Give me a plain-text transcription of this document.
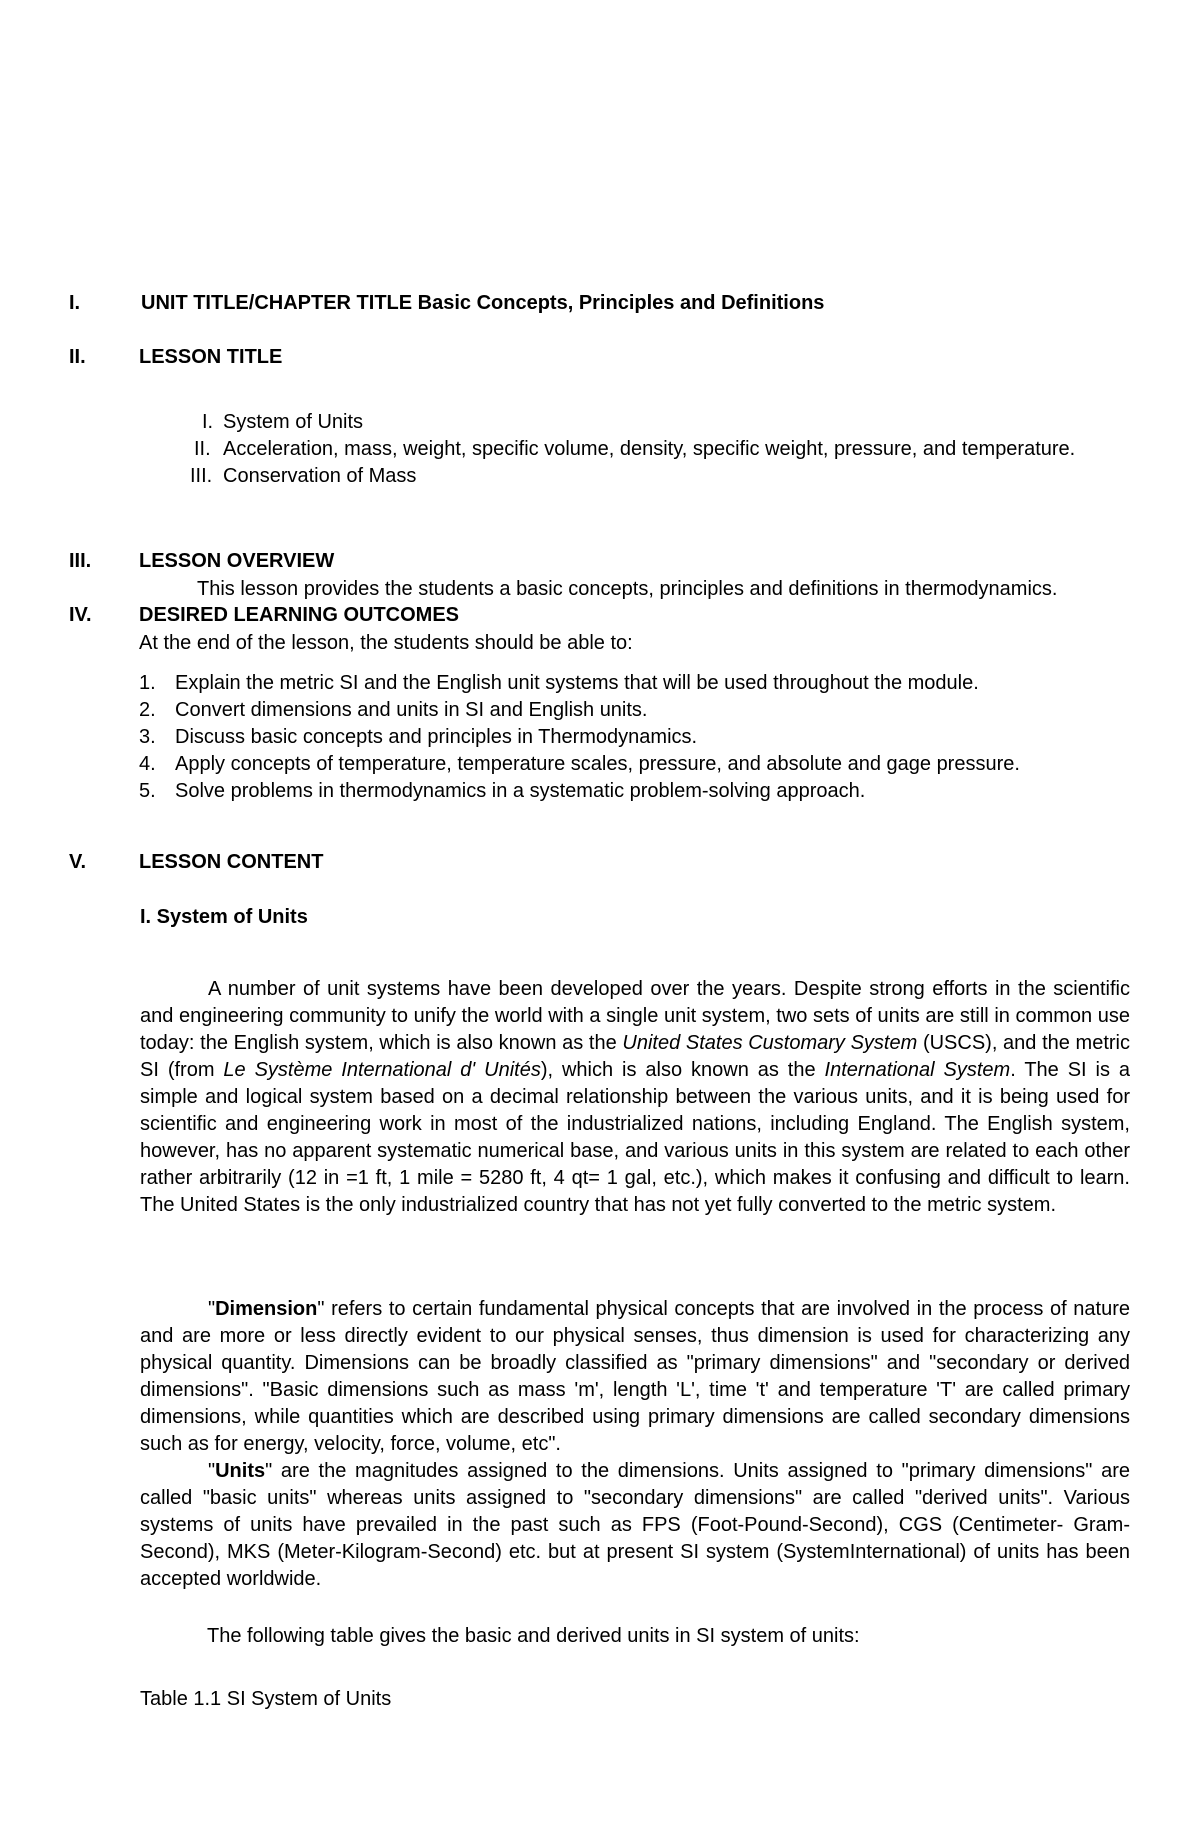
I.	UNIT TITLE/CHAPTER TITLE Basic Concepts, Principles and Definitions
II.	LESSON TITLE
I. System of Units
II. Acceleration, mass, weight, specific volume, density, specific weight, pressure, and temperature.
III. Conservation of Mass
III. LESSON OVERVIEW

This lesson provides the students a basic concepts, principles and definitions in thermodynamics.

IV. DESIRED LEARNING OUTCOMES

At the end of the lesson, the students should be able to:

1. Explain the metric SI and the English unit systems that will be used throughout the module.
2. Convert dimensions and units in SI and English units.
3. Discuss basic concepts and principles in Thermodynamics.
4. Apply concepts of temperature, temperature scales, pressure, and absolute and gage pressure.
5. Solve problems in thermodynamics in a systematic problem-solving approach.
V.	LESSON CONTENT
I. System of Units

A number of unit systems have been developed over the years. Despite strong efforts in the scientific and engineering community to unify the world with a single unit system, two sets of units are still in common use today: the English system, which is also known as the United States Customary System (USCS), and the metric SI (from Le Système International d' Unités), which is also known as the International System. The SI is a simple and logical system based on a decimal relationship between the various units, and it is being used for scientific and engineering work in most of the industrialized nations, including England. The English system, however, has no apparent systematic numerical base, and various units in this system are related to each other rather arbitrarily (12 in =1 ft, 1 mile = 5280 ft, 4 qt= 1 gal, etc.), which makes it confusing and difficult to learn. The United States is the only industrialized country that has not yet fully converted to the metric system.

"Dimension" refers to certain fundamental physical concepts that are involved in the process of nature and are more or less directly evident to our physical senses, thus dimension is used for characterizing any physical quantity. Dimensions can be broadly classified as "primary dimensions" and "secondary or derived dimensions". "Basic dimensions such as mass 'm', length 'L', time 't' and temperature 'T' are called primary dimensions, while quantities which are described using primary dimensions are called secondary dimensions such as for energy, velocity, force, volume, etc".

"Units" are the magnitudes assigned to the dimensions. Units assigned to "primary dimensions" are called "basic units" whereas units assigned to "secondary dimensions" are called "derived units". Various systems of units have prevailed in the past such as FPS (Foot-Pound-Second), CGS (Centimeter- Gram-Second), MKS (Meter-Kilogram-Second) etc. but at present SI system (SystemInternational) of units has been accepted worldwide.

The following table gives the basic and derived units in SI system of units:

Table 1.1 SI System of Units
